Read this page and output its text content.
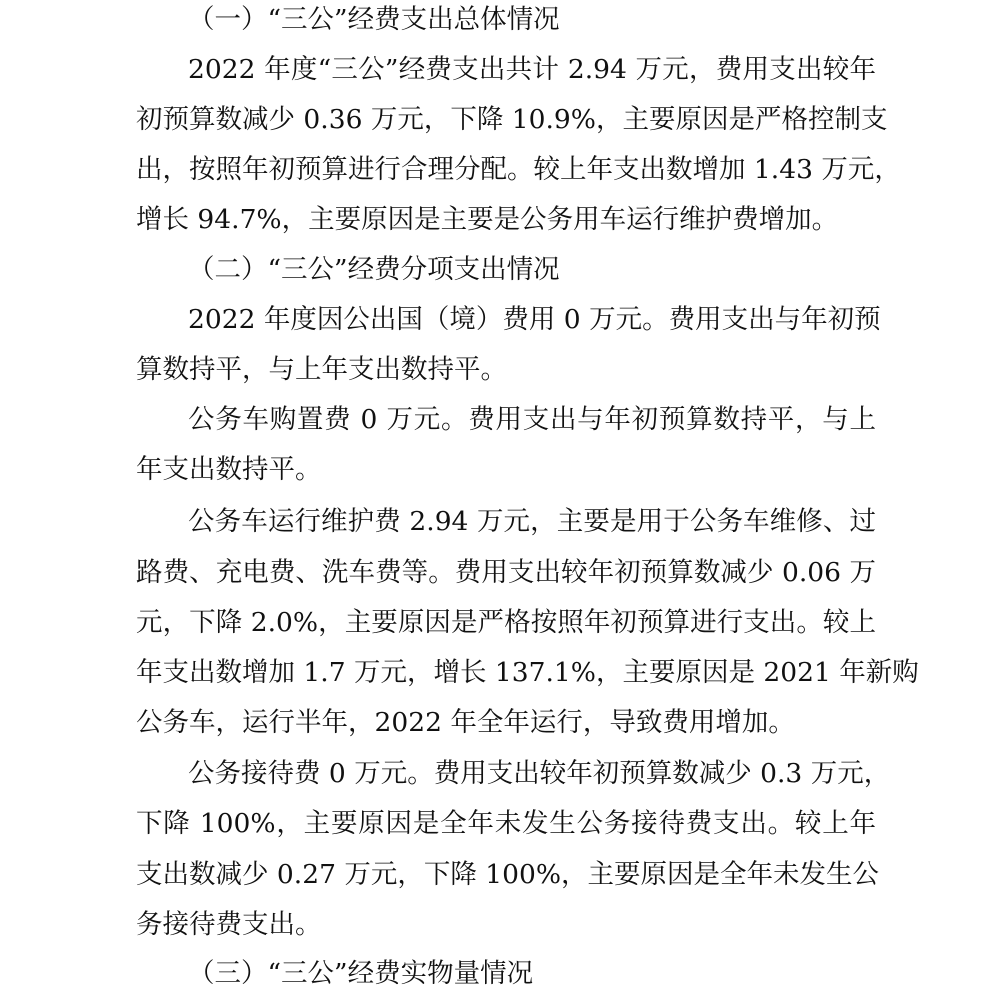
（一）“三公”经费支出总体情况
2022 年度“三公”经费支出共计 2.94 万元，费用支出较年
初预算数减少 0.36 万元，下降 10.9%，主要原因是严格控制支
出，按照年初预算进行合理分配。较上年支出数增加 1.43 万元，
增长 94.7%，主要原因是主要是公务用车运行维护费增加。
（二）“三公”经费分项支出情况
2022 年度因公出国（境）费用 0 万元。费用支出与年初预
算数持平，与上年支出数持平。
公务车购置费 0 万元。费用支出与年初预算数持平，与上
年支出数持平。
公务车运行维护费 2.94 万元，主要是用于公务车维修、过
路费、充电费、洗车费等。费用支出较年初预算数减少 0.06 万
元，下降 2.0%，主要原因是严格按照年初预算进行支出。较上
年支出数增加 1.7 万元，增长 137.1%，主要原因是 2021 年新购
公务车，运行半年，2022 年全年运行，导致费用增加。
公务接待费 0 万元。费用支出较年初预算数减少 0.3 万元，
下降 100%，主要原因是全年未发生公务接待费支出。较上年
支出数减少 0.27 万元，下降 100%，主要原因是全年未发生公
务接待费支出。
（三）“三公”经费实物量情况
